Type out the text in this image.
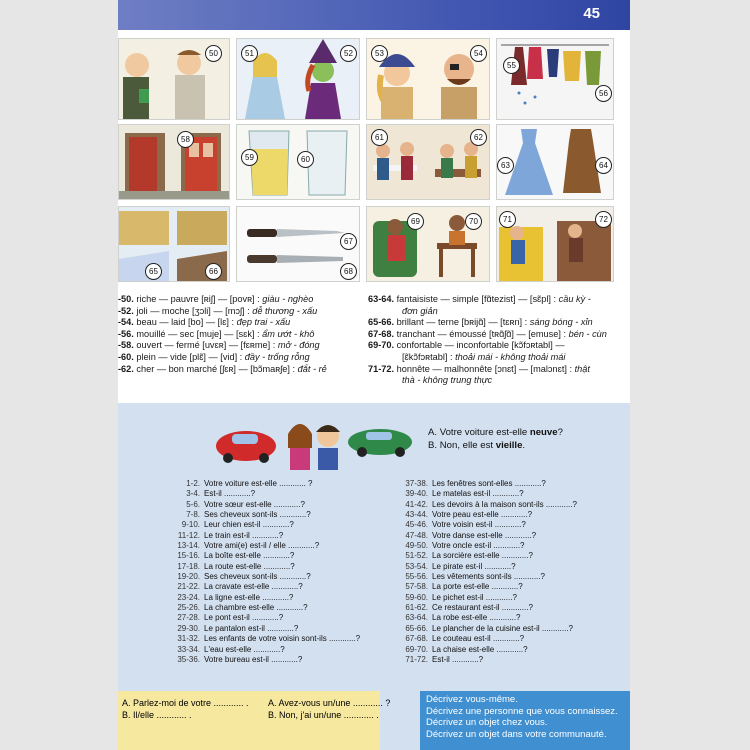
45
50	51	52	53	54
55
56
58
59	60
61	62
63	64
65	66
67
68
69	70	71	72
-50. riche — pauvre [ʀiʃ] — [povʀ] : giàu - nghèo
-52. joli — moche [ʒɔli] — [mɔʃ] : dễ thương - xấu
-54. beau — laid [bo] — [lɛ] : đẹp trai - xấu
-56. mouillé — sec [muje] — [sɛk] : ẩm ướt - khô
-58. ouvert — fermé [uvɛʀ] — [fɛʀme] : mở - đóng
-60. plein — vide [plɛ̃] — [vid] : đầy - trống rỗng
-62. cher — bon marché [ʃɛʀ] — [bɔ̃maʀʃe] : đắt - rẻ
63-64. fantaisiste — simple [fɑ̃tezist] — [sɛ̃pl] : cầu kỳ -
đơn giản
65-66. brillant — terne [bʀijɑ̃] — [tɛʀn] : sáng bóng - xỉn
67-68. tranchant — émoussé [tʀɑ̃ʃɑ̃] — [emuse] : bén - cùn
69-70. confortable — inconfortable [kɔ̃fɔʀtabl] —
[ɛ̃kɔ̃fɔʀtabl] : thoải mái - không thoải mái
71-72. honnête — malhonnête [ɔnɛt] — [malɔnɛt] : thật
thà - không trung thực
A. Votre voiture est-elle neuve?
B. Non, elle est vieille.
1-2. Votre voiture est-elle ............ ?
3-4. Est-il ............?
5-6. Votre sœur est-elle ............?
7-8. Ses cheveux sont-ils ............?
9-10. Leur chien est-il ............?
11-12. Le train est-il ............?
13-14. Votre ami(e) est-il / elle ............?
15-16. La boîte est-elle ............?
17-18. La route est-elle ............?
19-20. Ses cheveux sont-ils ............?
21-22. La cravate est-elle ............?
23-24. La ligne est-elle ............?
25-26. La chambre est-elle ............?
27-28. Le pont est-il ............?
29-30. Le pantalon est-il ............?
31-32. Les enfants de votre voisin sont-ils ............?
33-34. L'eau est-elle ............?
35-36. Votre bureau est-il ............?
37-38. Les fenêtres sont-elles ............?
39-40. Le matelas est-il ............?
41-42. Les devoirs à la maison sont-ils ............?
43-44. Votre peau est-elle ............?
45-46. Votre voisin est-il ............?
47-48. Votre danse est-elle ............?
49-50. Votre oncle est-il ............?
51-52. La sorcière est-elle ............?
53-54. Le pirate est-il ............?
55-56. Les vêtements sont-ils ............?
57-58. La porte est-elle ............?
59-60. Le pichet est-il ............?
61-62. Ce restaurant est-il ............?
63-64. La robe est-elle ............?
65-66. Le plancher de la cuisine est-il ............?
67-68. Le couteau est-il ............?
69-70. La chaise est-elle ............?
71-72. Est-il ............?
A. Parlez-moi de votre ............ .
B. Il/elle ............ .
A. Avez-vous un/une ............ ?
B. Non, j'ai un/une ............ .
Décrivez vous-même.
Décrivez une personne que vous connaissez.
Décrivez un objet chez vous.
Décrivez un objet dans votre communauté.
